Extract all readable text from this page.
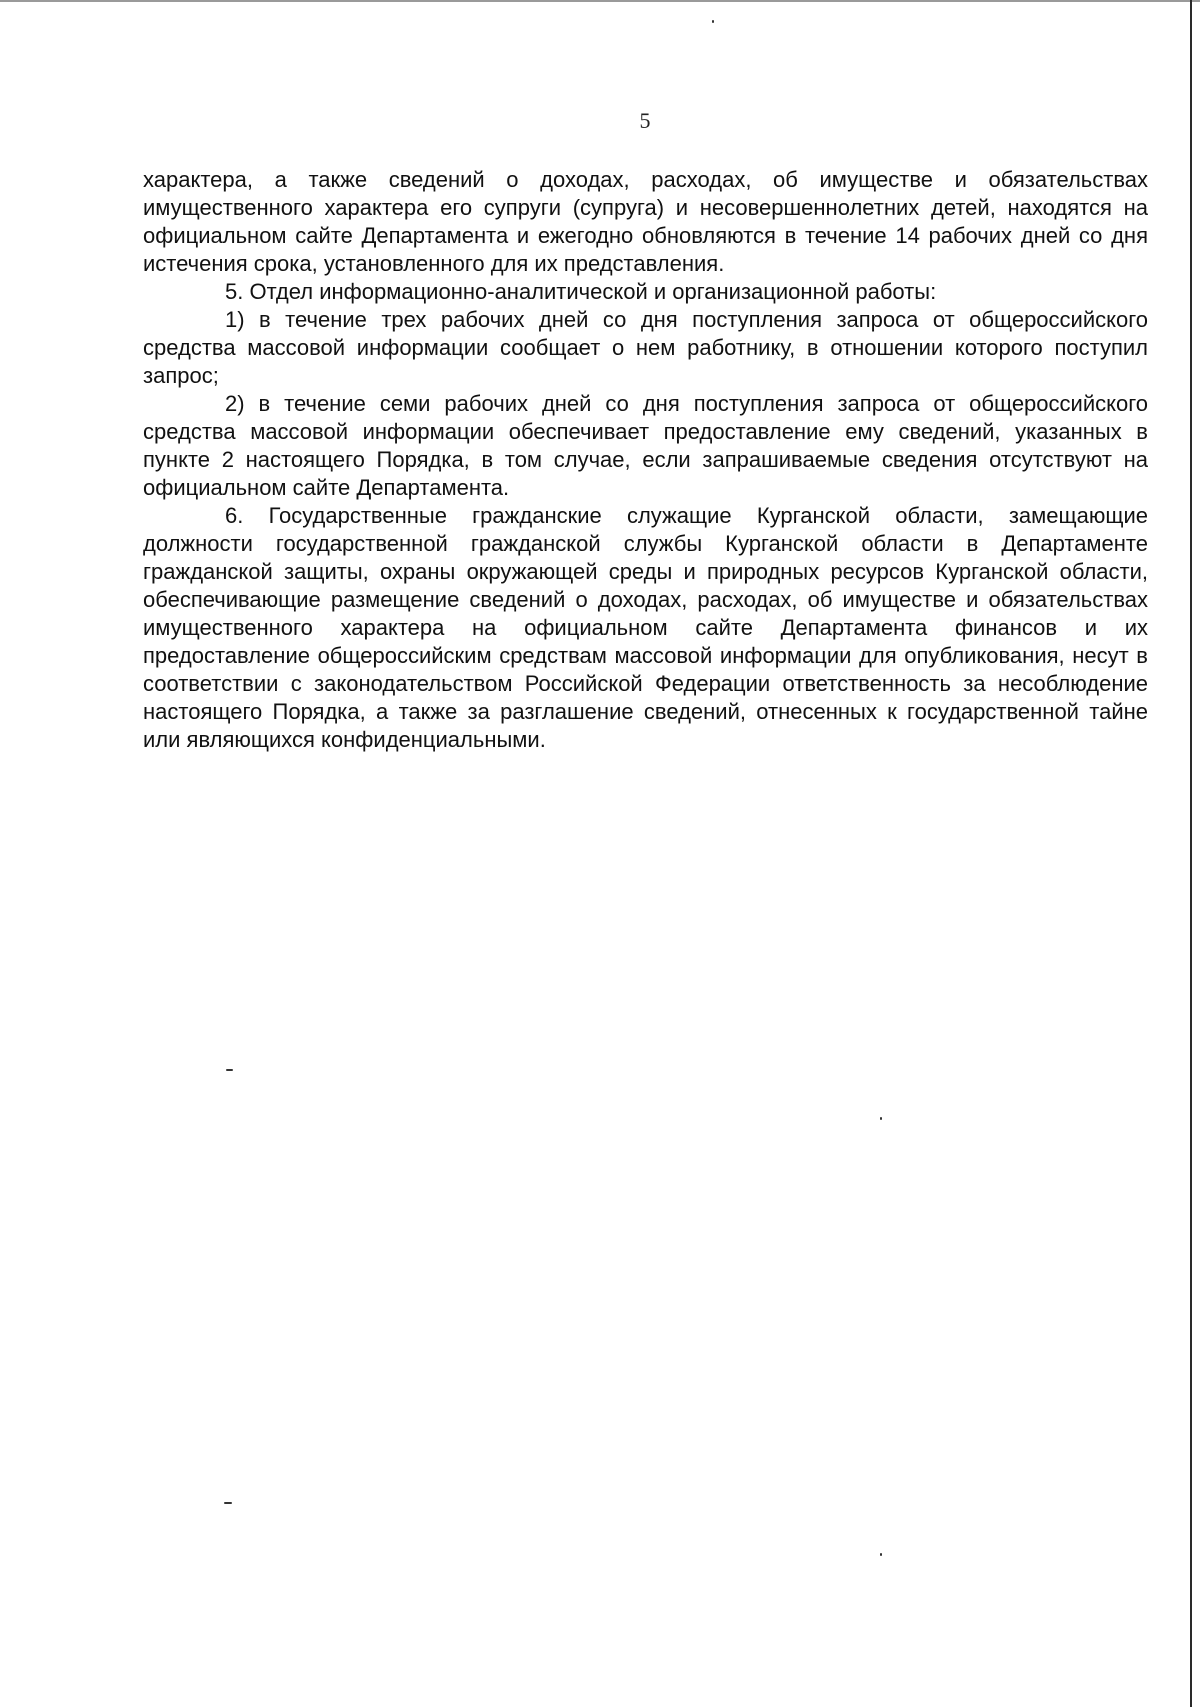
5

характера, а также сведений о доходах, расходах, об имуществе и обязательствах имущественного характера его супруги (супруга) и несовершеннолетних детей, находятся на официальном сайте Департамента и ежегодно обновляются в течение 14 рабочих дней со дня истечения срока, установленного для их представления.

5. Отдел информационно-аналитической и организационной работы:

1) в течение трех рабочих дней со дня поступления запроса от общероссийского средства массовой информации сообщает о нем работнику, в отношении которого поступил запрос;

2) в течение семи рабочих дней со дня поступления запроса от общероссийского средства массовой информации обеспечивает предоставление ему сведений, указанных в пункте 2 настоящего Порядка, в том случае, если запрашиваемые сведения отсутствуют на официальном сайте Департамента.

6. Государственные гражданские служащие Курганской области, замещающие должности государственной гражданской службы Курганской области в Департаменте гражданской защиты, охраны окружающей среды и природных ресурсов Курганской области, обеспечивающие размещение сведений о доходах, расходах, об имуществе и обязательствах имущественного характера на официальном сайте Департамента финансов и их предоставление общероссийским средствам массовой информации для опубликования, несут в соответствии с законодательством Российской Федерации ответственность за несоблюдение настоящего Порядка, а также за разглашение сведений, отнесенных к государственной тайне или являющихся конфиденциальными.
